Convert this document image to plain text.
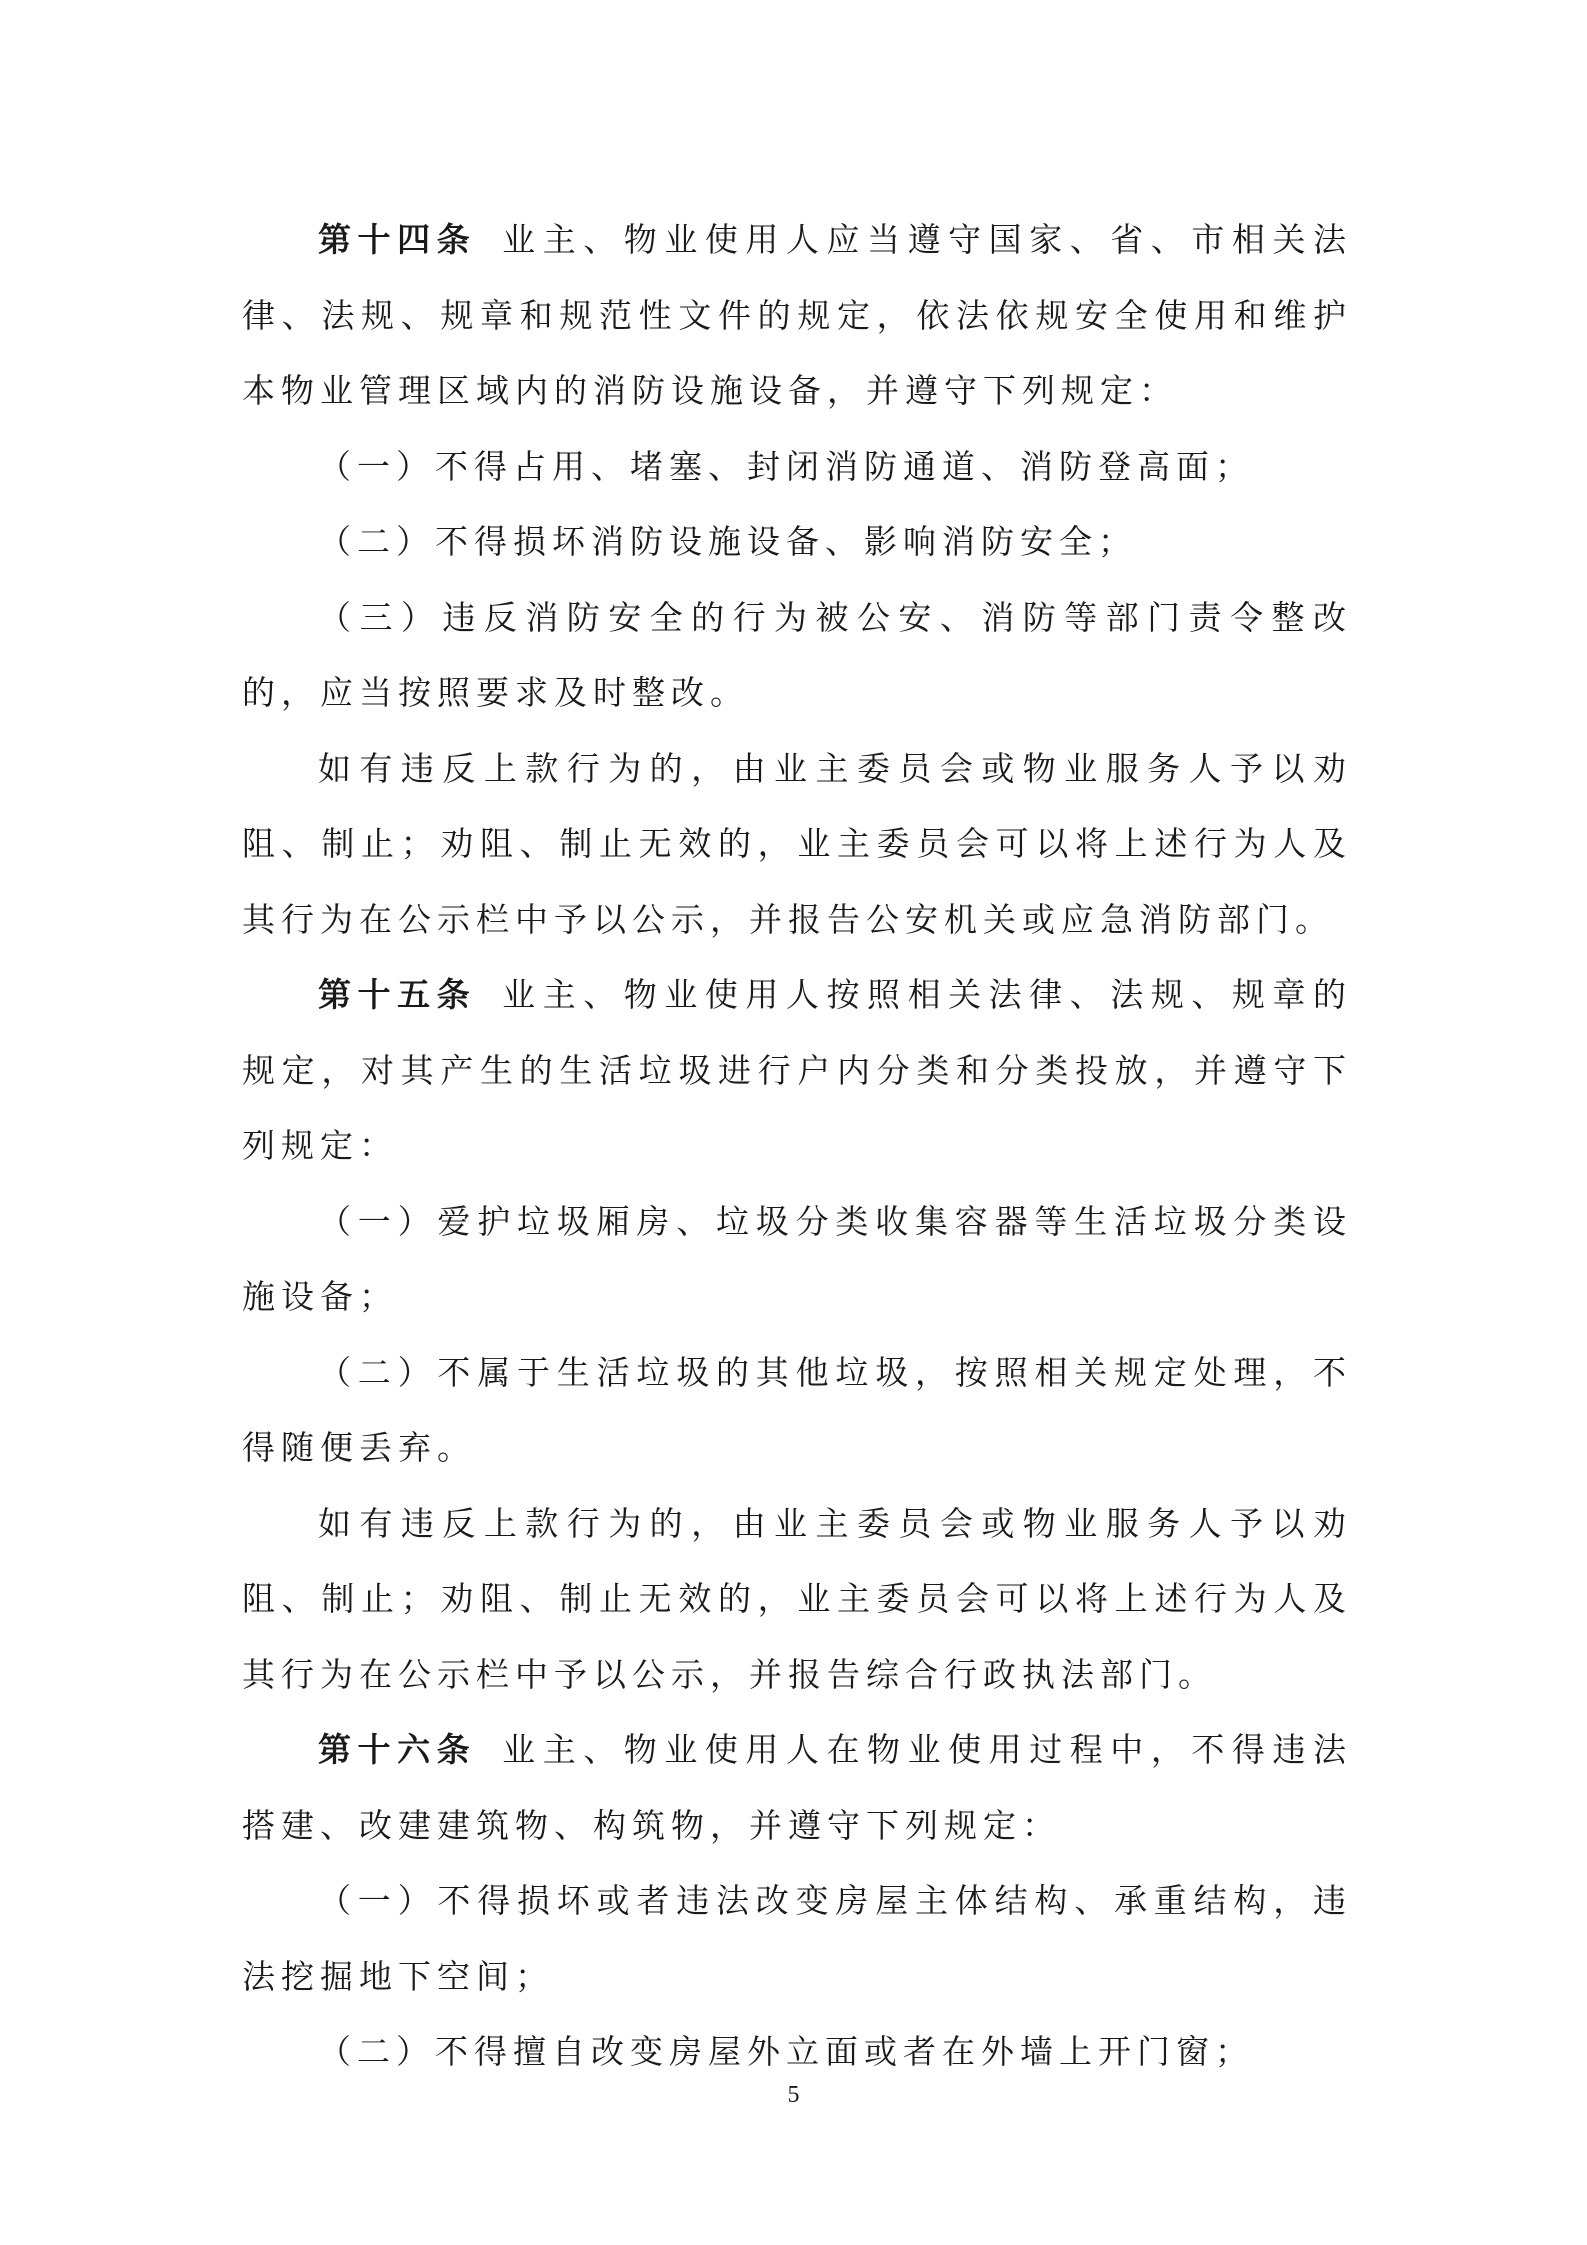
第十四条 业主、物业使用人应当遵守国家、省、市相关法律、法规、规章和规范性文件的规定，依法依规安全使用和维护本物业管理区域内的消防设施设备，并遵守下列规定：

（一）不得占用、堵塞、封闭消防通道、消防登高面；

（二）不得损坏消防设施设备、影响消防安全；

（三）违反消防安全的行为被公安、消防等部门责令整改的，应当按照要求及时整改。

如有违反上款行为的，由业主委员会或物业服务人予以劝阻、制止；劝阻、制止无效的，业主委员会可以将上述行为人及其行为在公示栏中予以公示，并报告公安机关或应急消防部门。

第十五条 业主、物业使用人按照相关法律、法规、规章的规定，对其产生的生活垃圾进行户内分类和分类投放，并遵守下列规定：

（一）爱护垃圾厢房、垃圾分类收集容器等生活垃圾分类设施设备；

（二）不属于生活垃圾的其他垃圾，按照相关规定处理，不得随便丢弃。

如有违反上款行为的，由业主委员会或物业服务人予以劝阻、制止；劝阻、制止无效的，业主委员会可以将上述行为人及其行为在公示栏中予以公示，并报告综合行政执法部门。

第十六条 业主、物业使用人在物业使用过程中，不得违法搭建、改建建筑物、构筑物，并遵守下列规定：

（一）不得损坏或者违法改变房屋主体结构、承重结构，违法挖掘地下空间；

（二）不得擅自改变房屋外立面或者在外墙上开门窗；

5
